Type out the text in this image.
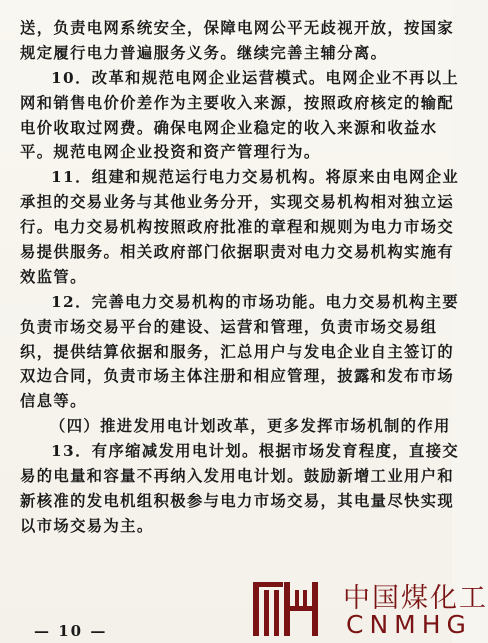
送，负责电网系统安全，保障电网公平无歧视开放，按国家
规定履行电力普遍服务义务。继续完善主辅分离。
10．改革和规范电网企业运营模式。电网企业不再以上
网和销售电价价差作为主要收入来源，按照政府核定的输配
电价收取过网费。确保电网企业稳定的收入来源和收益水
平。规范电网企业投资和资产管理行为。
11．组建和规范运行电力交易机构。将原来由电网企业
承担的交易业务与其他业务分开，实现交易机构相对独立运
行。电力交易机构按照政府批准的章程和规则为电力市场交
易提供服务。相关政府部门依据职责对电力交易机构实施有
效监管。
12．完善电力交易机构的市场功能。电力交易机构主要
负责市场交易平台的建设、运营和管理，负责市场交易组
织，提供结算依据和服务，汇总用户与发电企业自主签订的
双边合同，负责市场主体注册和相应管理，披露和发布市场
信息等。
（四）推进发用电计划改革，更多发挥市场机制的作用
13．有序缩减发用电计划。根据市场发育程度，直接交
易的电量和容量不再纳入发用电计划。鼓励新增工业用户和
新核准的发电机组积极参与电力市场交易，其电量尽快实现
以市场交易为主。
— 10 —
中国煤化工
CNMHG
